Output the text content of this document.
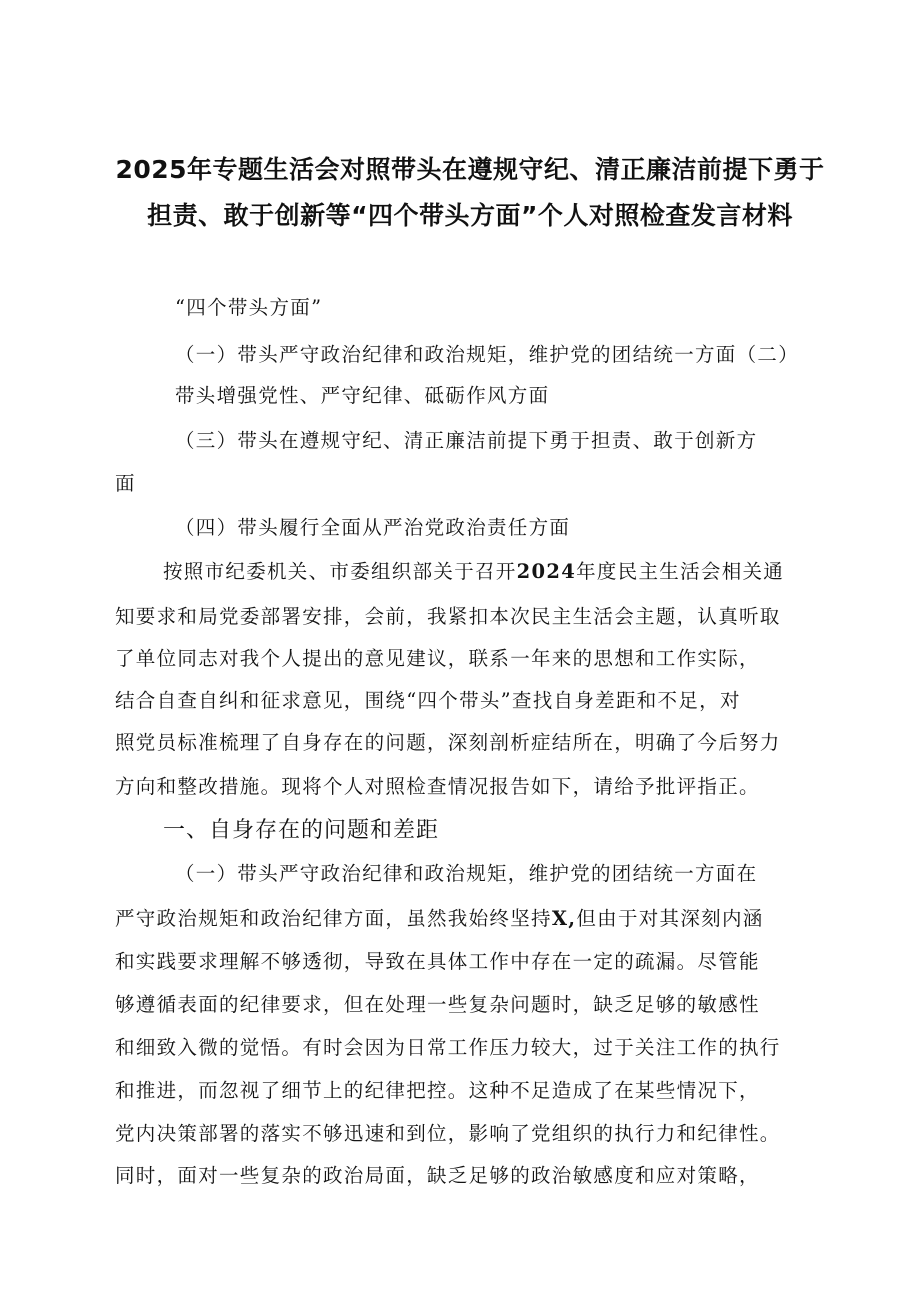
2025年专题生活会对照带头在遵规守纪、清正廉洁前提下勇于
担责、敢于创新等“四个带头方面”个人对照检查发言材料
“四个带头方面”
（一）带头严守政治纪律和政治规矩，维护党的团结统一方面（二）
带头增强党性、严守纪律、砥砺作风方面
（三）带头在遵规守纪、清正廉洁前提下勇于担责、敢于创新方
面
（四）带头履行全面从严治党政治责任方面
按照市纪委机关、市委组织部关于召开2024年度民主生活会相关通
知要求和局党委部署安排，会前，我紧扣本次民主生活会主题，认真听取
了单位同志对我个人提出的意见建议，联系一年来的思想和工作实际，
结合自查自纠和征求意见，围绕“四个带头”查找自身差距和不足，对
照党员标准梳理了自身存在的问题，深刻剖析症结所在，明确了今后努力
方向和整改措施。现将个人对照检查情况报告如下，请给予批评指正。
一、自身存在的问题和差距
（一）带头严守政治纪律和政治规矩，维护党的团结统一方面在
严守政治规矩和政治纪律方面，虽然我始终坚持X,但由于对其深刻内涵
和实践要求理解不够透彻，导致在具体工作中存在一定的疏漏。尽管能
够遵循表面的纪律要求，但在处理一些复杂问题时，缺乏足够的敏感性
和细致入微的觉悟。有时会因为日常工作压力较大，过于关注工作的执行
和推进，而忽视了细节上的纪律把控。这种不足造成了在某些情况下，
党内决策部署的落实不够迅速和到位，影响了党组织的执行力和纪律性。
同时，面对一些复杂的政治局面，缺乏足够的政治敏感度和应对策略，
